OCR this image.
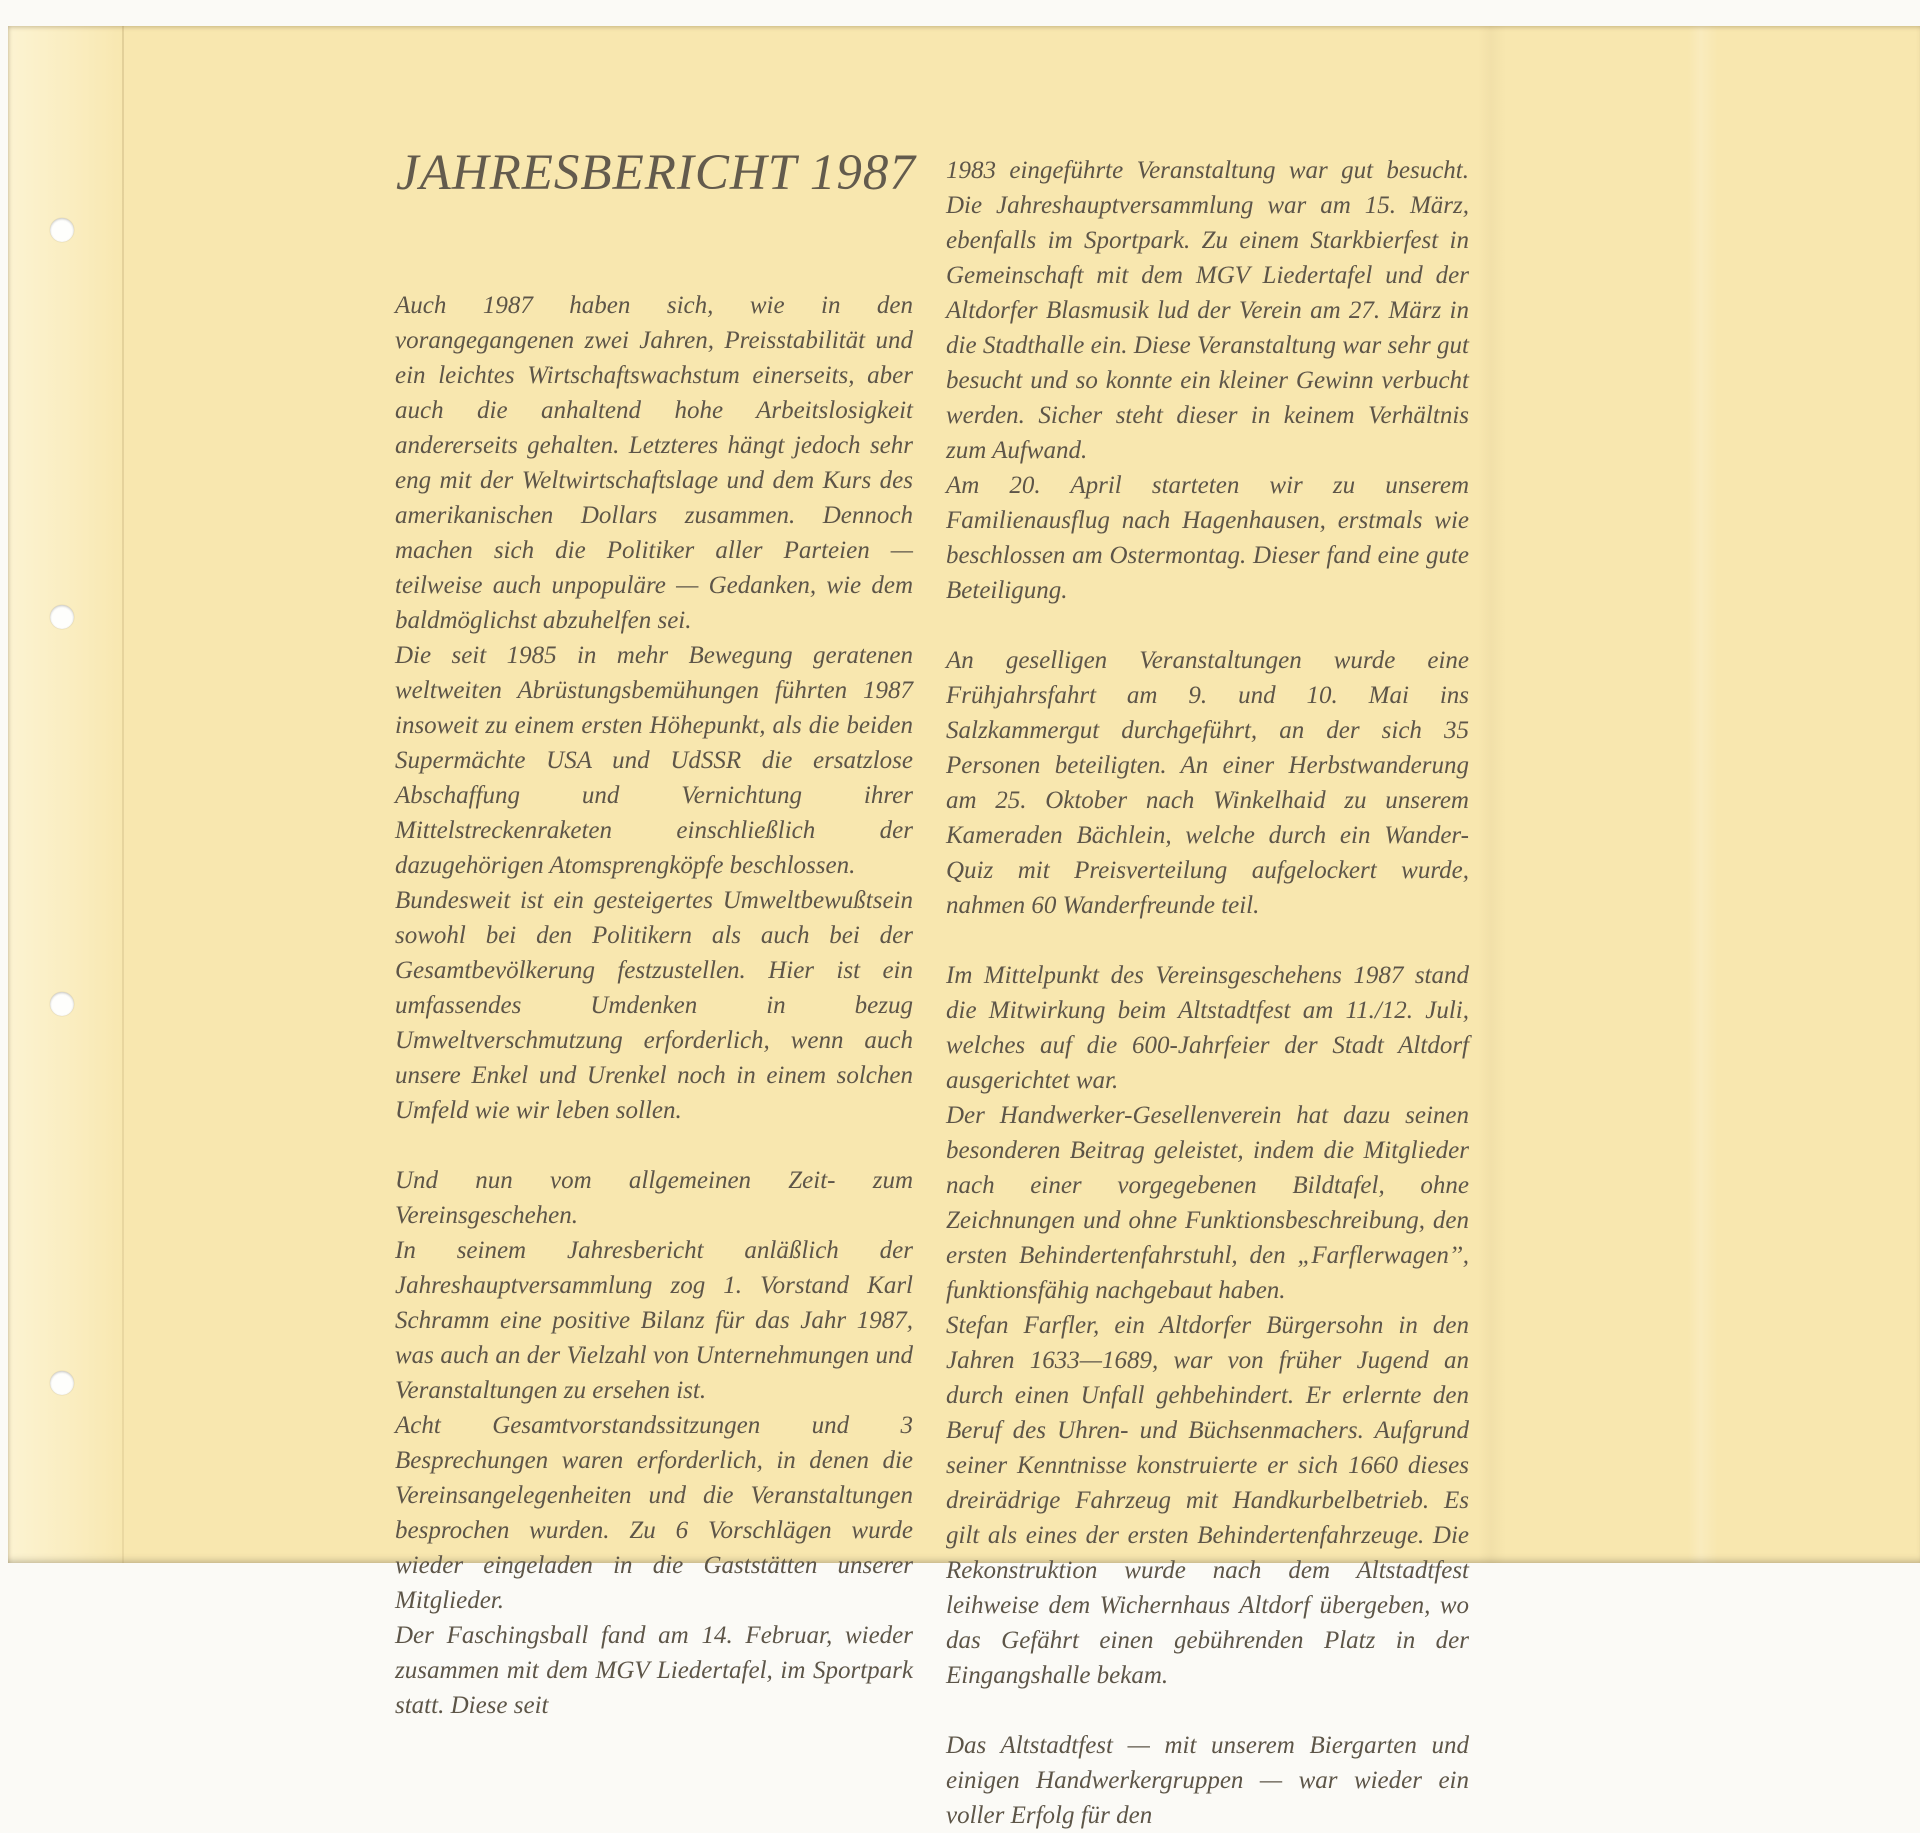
JAHRESBERICHT 1987

Auch 1987 haben sich, wie in den vorangegangenen zwei Jahren, Preisstabilität und ein leichtes Wirtschaftswachstum einerseits, aber auch die anhaltend hohe Arbeitslosigkeit andererseits gehalten. Letzteres hängt jedoch sehr eng mit der Weltwirtschaftslage und dem Kurs des amerikanischen Dollars zusammen. Dennoch machen sich die Politiker aller Parteien — teilweise auch unpopuläre — Gedanken, wie dem baldmöglichst abzuhelfen sei.

Die seit 1985 in mehr Bewegung geratenen weltweiten Abrüstungsbemühungen führten 1987 insoweit zu einem ersten Höhepunkt, als die beiden Supermächte USA und UdSSR die ersatzlose Abschaffung und Vernichtung ihrer Mittelstreckenraketen einschließlich der dazugehörigen Atomsprengköpfe beschlossen.

Bundesweit ist ein gesteigertes Umweltbewußtsein sowohl bei den Politikern als auch bei der Gesamtbevölkerung festzustellen. Hier ist ein umfassendes Umdenken in bezug Umweltverschmutzung erforderlich, wenn auch unsere Enkel und Urenkel noch in einem solchen Umfeld wie wir leben sollen.

Und nun vom allgemeinen Zeit- zum Vereinsgeschehen.

In seinem Jahresbericht anläßlich der Jahreshauptversammlung zog 1. Vorstand Karl Schramm eine positive Bilanz für das Jahr 1987, was auch an der Vielzahl von Unternehmungen und Veranstaltungen zu ersehen ist.

Acht Gesamtvorstandssitzungen und 3 Besprechungen waren erforderlich, in denen die Vereinsangelegenheiten und die Veranstaltungen besprochen wurden. Zu 6 Vorschlägen wurde wieder eingeladen in die Gaststätten unserer Mitglieder.

Der Faschingsball fand am 14. Februar, wieder zusammen mit dem MGV Liedertafel, im Sportpark statt. Diese seit

1983 eingeführte Veranstaltung war gut besucht. Die Jahreshauptversammlung war am 15. März, ebenfalls im Sportpark. Zu einem Starkbierfest in Gemeinschaft mit dem MGV Liedertafel und der Altdorfer Blasmusik lud der Verein am 27. März in die Stadthalle ein. Diese Veranstaltung war sehr gut besucht und so konnte ein kleiner Gewinn verbucht werden. Sicher steht dieser in keinem Verhältnis zum Aufwand.

Am 20. April starteten wir zu unserem Familienausflug nach Hagenhausen, erstmals wie beschlossen am Ostermontag. Dieser fand eine gute Beteiligung.

An geselligen Veranstaltungen wurde eine Frühjahrsfahrt am 9. und 10. Mai ins Salzkammergut durchgeführt, an der sich 35 Personen beteiligten. An einer Herbstwanderung am 25. Oktober nach Winkelhaid zu unserem Kameraden Bächlein, welche durch ein Wander-Quiz mit Preisverteilung aufgelockert wurde, nahmen 60 Wanderfreunde teil.

Im Mittelpunkt des Vereinsgeschehens 1987 stand die Mitwirkung beim Altstadtfest am 11./12. Juli, welches auf die 600-Jahrfeier der Stadt Altdorf ausgerichtet war.

Der Handwerker-Gesellenverein hat dazu seinen besonderen Beitrag geleistet, indem die Mitglieder nach einer vorgegebenen Bildtafel, ohne Zeichnungen und ohne Funktionsbeschreibung, den ersten Behindertenfahrstuhl, den „Farflerwagen’’, funktionsfähig nachgebaut haben.

Stefan Farfler, ein Altdorfer Bürgersohn in den Jahren 1633—1689, war von früher Jugend an durch einen Unfall gehbehindert. Er erlernte den Beruf des Uhren- und Büchsenmachers. Aufgrund seiner Kenntnisse konstruierte er sich 1660 dieses dreirädrige Fahrzeug mit Handkurbelbetrieb. Es gilt als eines der ersten Behindertenfahrzeuge. Die Rekonstruktion wurde nach dem Altstadtfest leihweise dem Wichernhaus Altdorf übergeben, wo das Gefährt einen gebührenden Platz in der Eingangshalle bekam.

Das Altstadtfest — mit unserem Biergarten und einigen Handwerkergruppen — war wieder ein voller Erfolg für den
